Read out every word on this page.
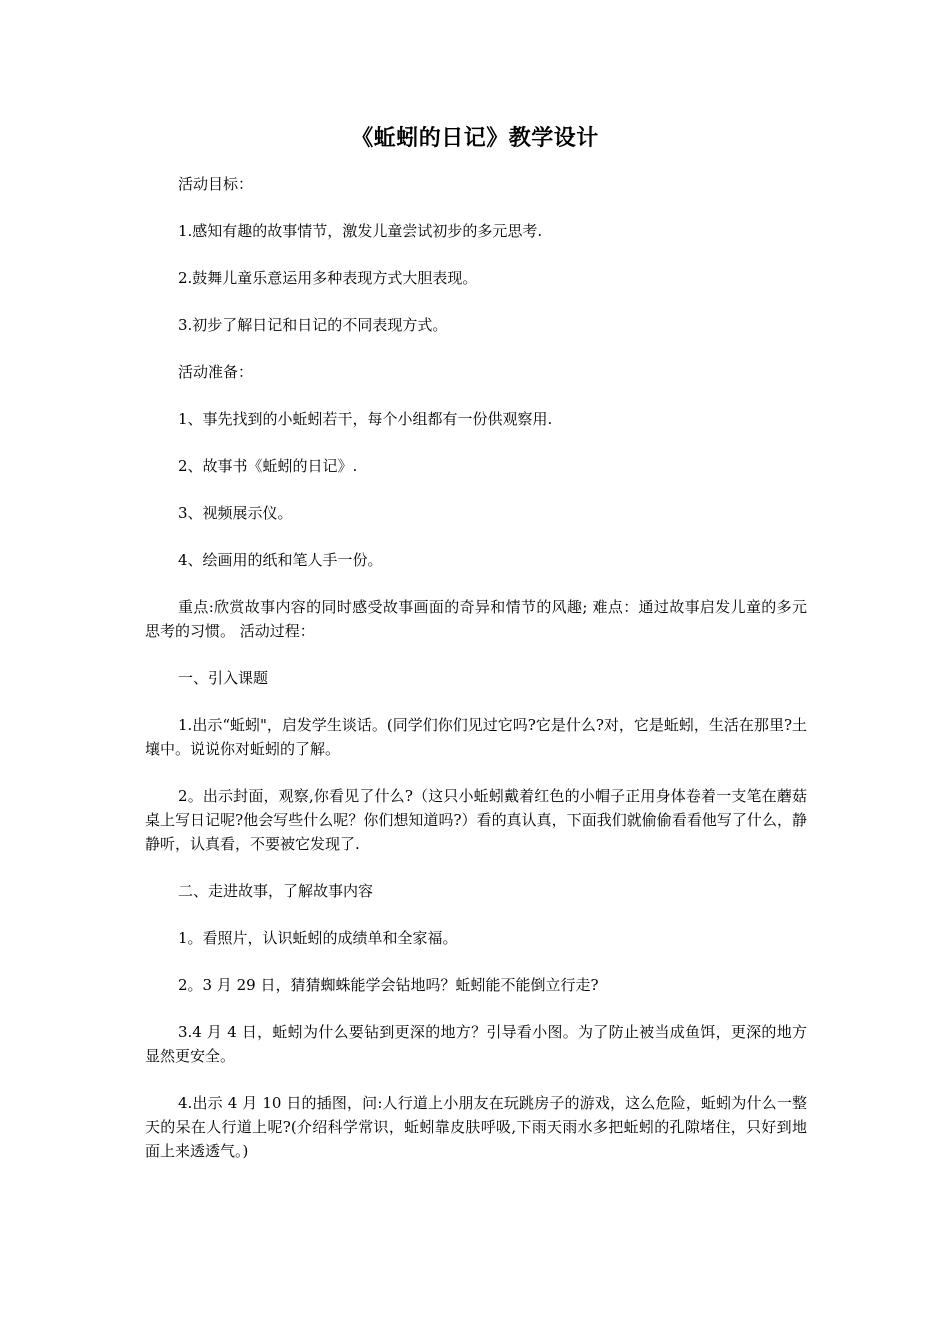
《蚯蚓的日记》教学设计

活动目标：

1.感知有趣的故事情节，激发儿童尝试初步的多元思考.

2.鼓舞儿童乐意运用多种表现方式大胆表现。

3.初步了解日记和日记的不同表现方式。

活动准备：

1、事先找到的小蚯蚓若干，每个小组都有一份供观察用.

2、故事书《蚯蚓的日记》.

3、视频展示仪。

4、绘画用的纸和笔人手一份。

重点:欣赏故事内容的同时感受故事画面的奇异和情节的风趣; 难点：通过故事启发儿童的多元思考的习惯。 活动过程：

一、引入课题

1.出示“蚯蚓"，启发学生谈话。(同学们你们见过它吗?它是什么?对，它是蚯蚓，生活在那里?土壤中。说说你对蚯蚓的了解。

2。出示封面，观察,你看见了什么?（这只小蚯蚓戴着红色的小帽子正用身体卷着一支笔在蘑菇桌上写日记呢?他会写些什么呢？你们想知道吗?）看的真认真，下面我们就偷偷看看他写了什么，静静听，认真看，不要被它发现了.

二、走进故事，了解故事内容

1。看照片，认识蚯蚓的成绩单和全家福。

2。3 月 29 日，猜猜蜘蛛能学会钻地吗？蚯蚓能不能倒立行走?

3.4 月 4 日，蚯蚓为什么要钻到更深的地方？引导看小图。为了防止被当成鱼饵，更深的地方显然更安全。

4.出示 4 月 10 日的插图，问:人行道上小朋友在玩跳房子的游戏，这么危险，蚯蚓为什么一整天的呆在人行道上呢?(介绍科学常识，蚯蚓靠皮肤呼吸,下雨天雨水多把蚯蚓的孔隙堵住，只好到地面上来透透气。)
